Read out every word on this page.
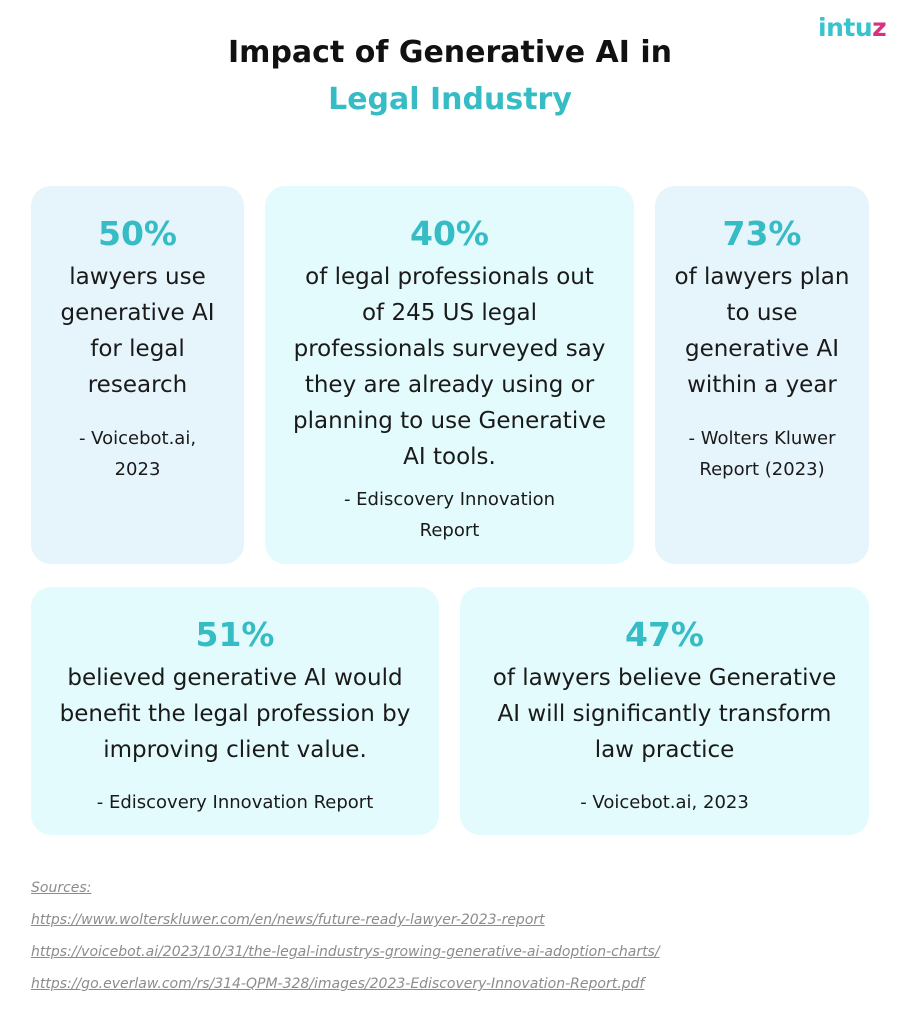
intuz
Impact of Generative AI in
Legal Industry
50%
lawyers use
generative AI
for legal
research
- Voicebot.ai,
2023
40%
of legal professionals out
of 245 US legal
professionals surveyed say
they are already using or
planning to use Generative
AI tools.
- Ediscovery Innovation
Report
73%
of lawyers plan
to use
generative AI
within a year
- Wolters Kluwer
Report (2023)
51%
believed generative AI would
benefit the legal profession by
improving client value.
- Ediscovery Innovation Report
47%
of lawyers believe Generative
AI will significantly transform
law practice
- Voicebot.ai, 2023
Sources:
https://www.wolterskluwer.com/en/news/future-ready-lawyer-2023-report
https://voicebot.ai/2023/10/31/the-legal-industrys-growing-generative-ai-adoption-charts/
https://go.everlaw.com/rs/314-QPM-328/images/2023-Ediscovery-Innovation-Report.pdf
